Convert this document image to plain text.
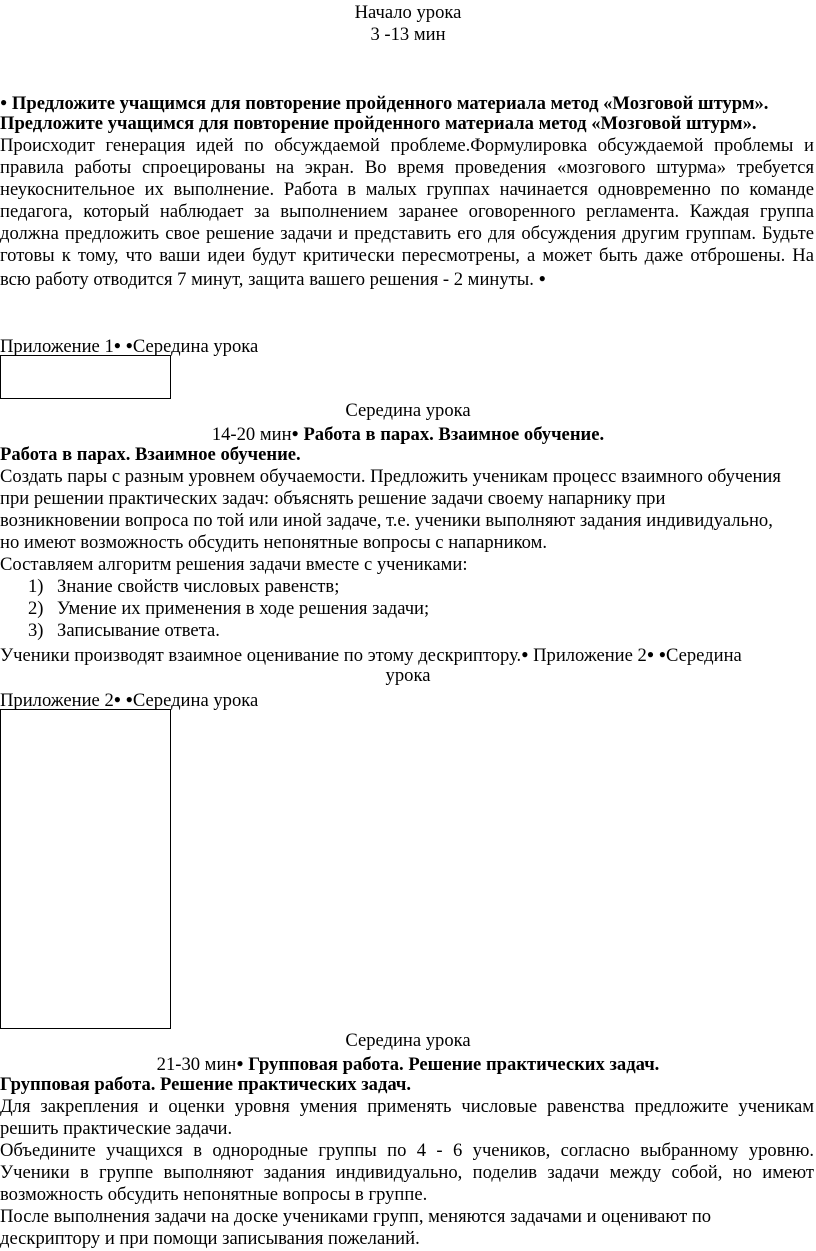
Начало урока
3 -13 мин
● Предложите учащимся для повторение пройденного материала метод «Мозговой штурм».
Предложите учащимся для повторение пройденного материала метод «Мозговой штурм».
Происходит генерация идей по обсуждаемой проблеме.Формулировка обсуждаемой проблемы и
правила работы спроецированы на экран. Во время проведения «мозгового штурма» требуется
неукоснительное их выполнение. Работа в малых группах начинается одновременно по команде
педагога, который наблюдает за выполнением заранее оговоренного регламента. Каждая группа
должна предложить свое решение задачи и представить его для обсуждения другим группам. Будьте
готовы к тому, что ваши идеи будут критически пересмотрены, а может быть даже отброшены. На
всю работу отводится 7 минут, защита вашего решения - 2 минуты. ●
Приложение 1● ●Середина урока
Середина урока
14-20 мин● Работа в парах. Взаимное обучение.
Работа в парах. Взаимное обучение.
Создать пары с разным уровнем обучаемости. Предложить ученикам процесс взаимного обучения
при решении практических задач: объяснять решение задачи своему напарнику при
возникновении вопроса по той или иной задаче, т.е. ученики выполняют задания индивидуально,
но имеют возможность обсудить непонятные вопросы с напарником.
Составляем алгоритм решения задачи вместе с учениками:
1) Знание свойств числовых равенств;
2) Умение их применения в ходе решения задачи;
3) Записывание ответа.
Ученики производят взаимное оценивание по этому дескриптору.● Приложение 2● ●Середина
урока
Приложение 2● ●Середина урока
Середина урока
21-30 мин● Групповая работа. Решение практических задач.
Групповая работа. Решение практических задач.
Для закрепления и оценки уровня умения применять числовые равенства предложите ученикам
решить практические задачи.
Объедините учащихся в однородные группы по 4 - 6 учеников, согласно выбранному уровню.
Ученики в группе выполняют задания индивидуально, поделив задачи между собой, но имеют
возможность обсудить непонятные вопросы в группе.
После выполнения задачи на доске учениками групп, меняются задачами и оценивают по
дескриптору и при помощи записывания пожеланий.
